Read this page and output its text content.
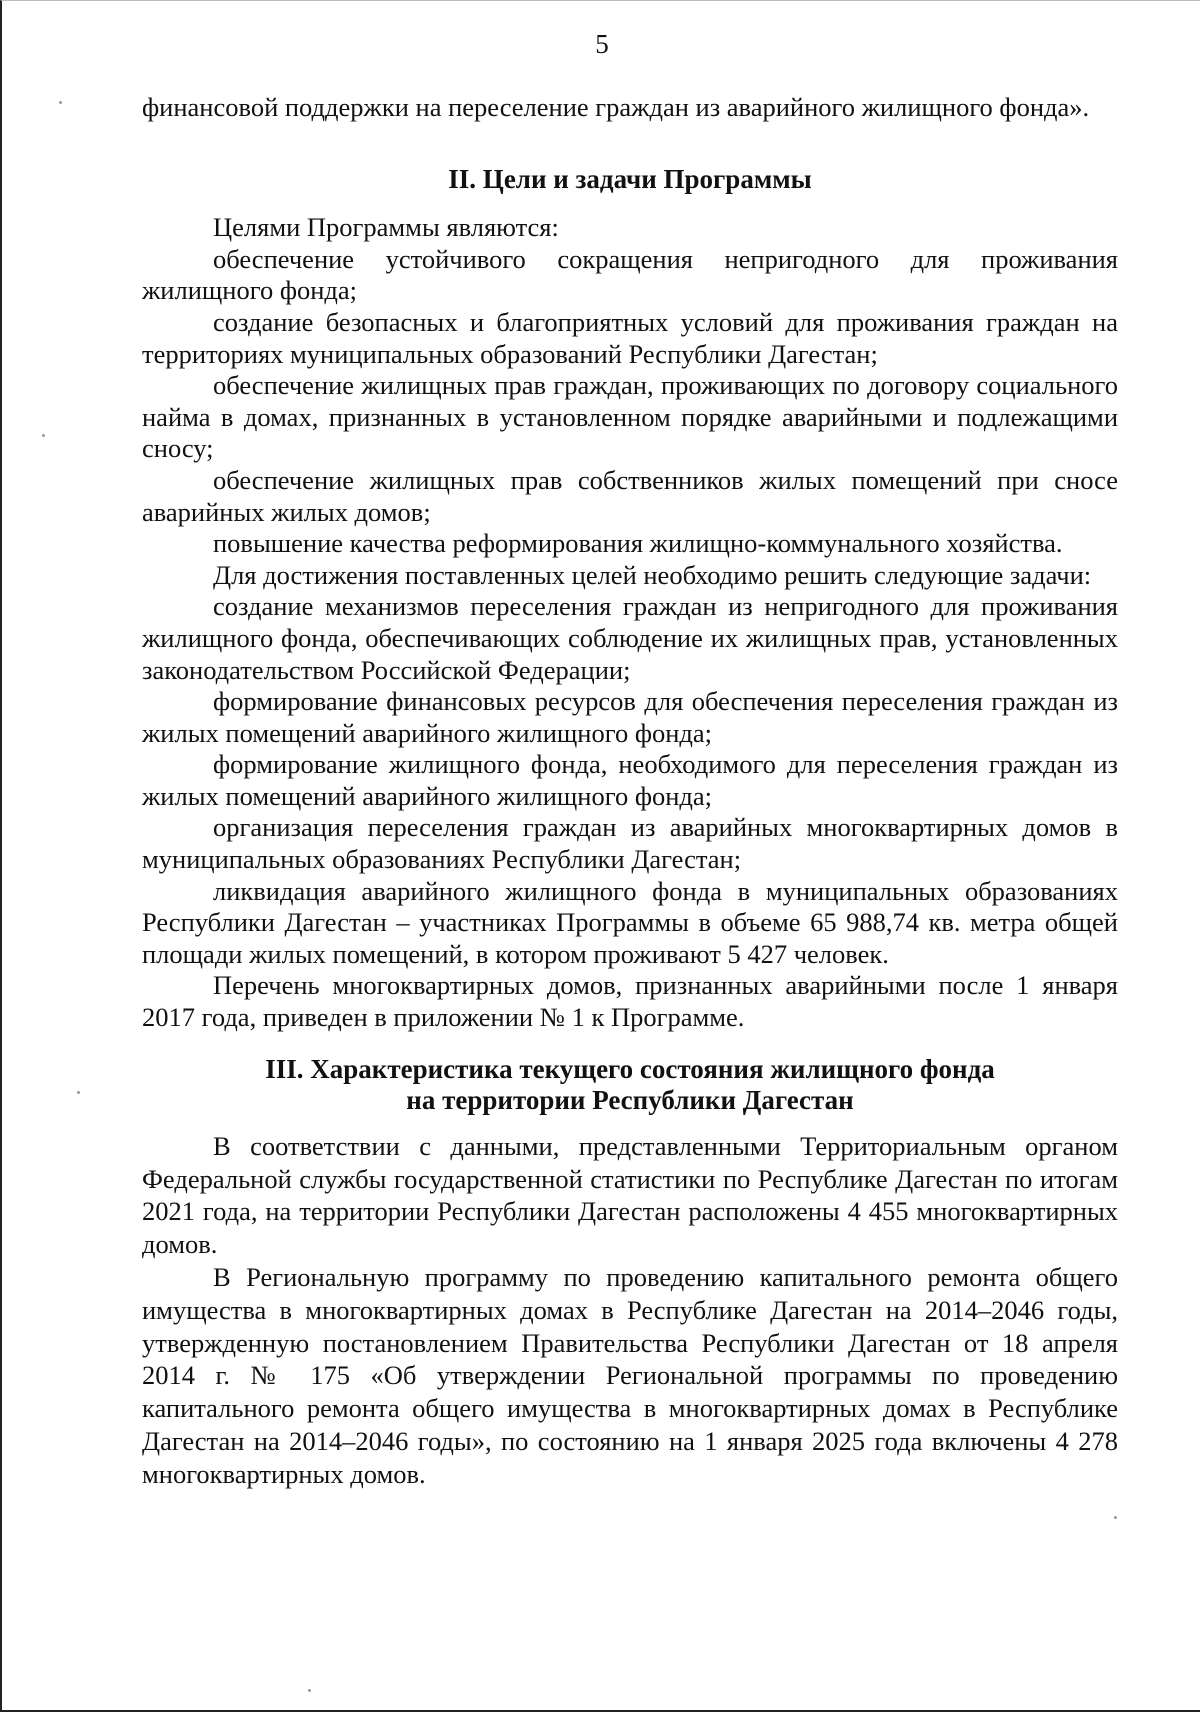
5

финансовой поддержки на переселение граждан из аварийного жилищного фонда».

II. Цели и задачи Программы

Целями Программы являются:

обеспечение устойчивого сокращения непригодного для проживания жилищного фонда;

создание безопасных и благоприятных условий для проживания граждан на территориях муниципальных образований Республики Дагестан;

обеспечение жилищных прав граждан, проживающих по договору социального найма в домах, признанных в установленном порядке аварийными и подлежащими сносу;

обеспечение жилищных прав собственников жилых помещений при сносе аварийных жилых домов;

повышение качества реформирования жилищно-коммунального хозяйства.

Для достижения поставленных целей необходимо решить следующие задачи:

создание механизмов переселения граждан из непригодного для проживания жилищного фонда, обеспечивающих соблюдение их жилищных прав, установленных законодательством Российской Федерации;

формирование финансовых ресурсов для обеспечения переселения граждан из жилых помещений аварийного жилищного фонда;

формирование жилищного фонда, необходимого для переселения граждан из жилых помещений аварийного жилищного фонда;

организация переселения граждан из аварийных многоквартирных домов в муниципальных образованиях Республики Дагестан;

ликвидация аварийного жилищного фонда в муниципальных образованиях Республики Дагестан – участниках Программы в объеме 65 988,74 кв. метра общей площади жилых помещений, в котором проживают 5 427 человек.

Перечень многоквартирных домов, признанных аварийными после 1 января 2017 года, приведен в приложении № 1 к Программе.

III. Характеристика текущего состояния жилищного фонда
на территории Республики Дагестан

В соответствии с данными, представленными Территориальным органом Федеральной службы государственной статистики по Республике Дагестан по итогам 2021 года, на территории Республики Дагестан расположены 4 455 многоквартирных домов.

В Региональную программу по проведению капитального ремонта общего имущества в многоквартирных домах в Республике Дагестан на 2014–2046 годы, утвержденную постановлением Правительства Республики Дагестан от 18 апреля 2014 г. № 175 «Об утверждении Региональной программы по проведению капитального ремонта общего имущества в многоквартирных домах в Республике Дагестан на 2014–2046 годы», по состоянию на 1 января 2025 года включены 4 278 многоквартирных домов.
